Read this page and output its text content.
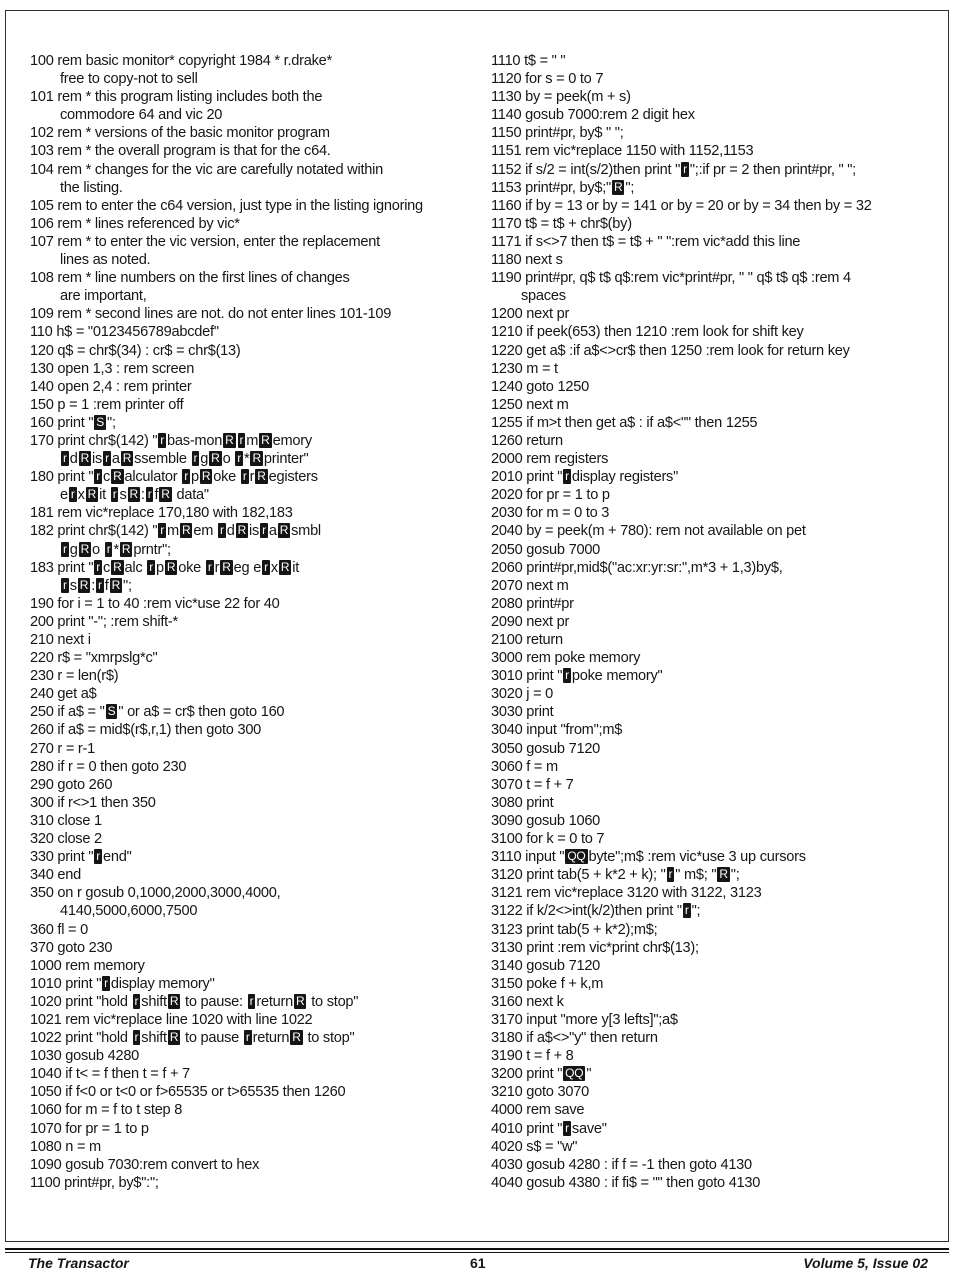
100 rem basic monitor* copyright 1984 * r.drake*
free to copy-not to sell
101 rem * this program listing includes both the
commodore 64 and vic 20
102 rem * versions of the basic monitor program
103 rem * the overall program is that for the c64.
104 rem * changes for the vic are carefully notated within
the listing.
105 rem to enter the c64 version, just type in the listing ignoring
106 rem * lines referenced by vic*
107 rem * to enter the vic version, enter the replacement
lines as noted.
108 rem * line numbers on the first lines of changes
are important,
109 rem * second lines are not. do not enter lines 101-109
110 h$ = "0123456789abcdef"
120 q$ = chr$(34) : cr$ = chr$(13)
130 open 1,3 : rem screen
140 open 2,4 : rem printer
150 p = 1 :rem printer off
160 print " S ";
170 print chr$(142) " r bas-mon R r m R emory
r d R is r a R ssemble r g R o r * R printer"
180 print " r c R alculator r p R oke r r R egisters
e r x R it r s R : r f R data"
181 rem vic*replace 170,180 with 182,183
182 print chr$(142) " r m R em r d R is r a R smbl
r g R o r * R prntr";
183 print " r c R alc r p R oke r r R eg e r x R it
r s R : r f R ";
190 for i = 1 to 40 :rem vic*use 22 for 40
200 print "-"; :rem shift-*
210 next i
220 r$ = "xmrpslg*c"
230 r = len(r$)
240 get a$
250 if a$ = " S " or a$ = cr$ then goto 160
260 if a$ = mid$(r$,r,1) then goto 300
270 r = r-1
280 if r = 0 then goto 230
290 goto 260
300 if r<>1 then 350
310 close 1
320 close 2
330 print " r end"
340 end
350 on r gosub 0,1000,2000,3000,4000,
4140,5000,6000,7500
360 fl = 0
370 goto 230
1000 rem memory
1010 print " r display memory"
1020 print "hold r shift R to pause: r return R to stop"
1021 rem vic*replace line 1020 with line 1022
1022 print "hold r shift R to pause r return R to stop"
1030 gosub 4280
1040 if t< = f then t = f + 7
1050 if f<0 or t<0 or f>65535 or t>65535 then 1260
1060 for m = f to t step 8
1070 for pr = 1 to p
1080 n = m
1090 gosub 7030:rem convert to hex
1100 print#pr, by$":";
1110 t$ = " "
1120 for s = 0 to 7
1130 by = peek(m + s)
1140 gosub 7000:rem 2 digit hex
1150 print#pr, by$ " ";
1151 rem vic*replace 1150 with 1152,1153
1152 if s/2 = int(s/2)then print " r ";:if pr = 2 then print#pr, " ";
1153 print#pr, by$;" R ";
1160 if by = 13 or by = 141 or by = 20 or by = 34 then by = 32
1170 t$ = t$ + chr$(by)
1171 if s<>7 then t$ = t$ + " ":rem vic*add this line
1180 next s
1190 print#pr, q$ t$ q$:rem vic*print#pr, " " q$ t$ q$ :rem 4
spaces
1200 next pr
1210 if peek(653) then 1210 :rem look for shift key
1220 get a$ :if a$<>cr$ then 1250 :rem look for return key
1230 m = t
1240 goto 1250
1250 next m
1255 if m>t then get a$ : if a$<"" then 1255
1260 return
2000 rem registers
2010 print " r display registers"
2020 for pr = 1 to p
2030 for m = 0 to 3
2040 by = peek(m + 780): rem not available on pet
2050 gosub 7000
2060 print#pr,mid$("ac:xr:yr:sr:",m*3 + 1,3)by$,
2070 next m
2080 print#pr
2090 next pr
2100 return
3000 rem poke memory
3010 print " r poke memory"
3020 j = 0
3030 print
3040 input "from";m$
3050 gosub 7120
3060 f = m
3070 t = f + 7
3080 print
3090 gosub 1060
3100 for k = 0 to 7
3110 input " QQ byte";m$ :rem vic*use 3 up cursors
3120 print tab(5 + k*2 + k); " r " m$; " R ";
3121 rem vic*replace 3120 with 3122, 3123
3122 if k/2<>int(k/2)then print " r ";
3123 print tab(5 + k*2);m$;
3130 print :rem vic*print chr$(13);
3140 gosub 7120
3150 poke f + k,m
3160 next k
3170 input "more y[3 lefts]";a$
3180 if a$<>"y" then return
3190 t = f + 8
3200 print " QQ "
3210 goto 3070
4000 rem save
4010 print " r save"
4020 s$ = "w"
4030 gosub 4280 : if f = -1 then goto 4130
4040 gosub 4380 : if fi$ = "" then goto 4130
The Transactor	61	Volume 5, Issue 02
